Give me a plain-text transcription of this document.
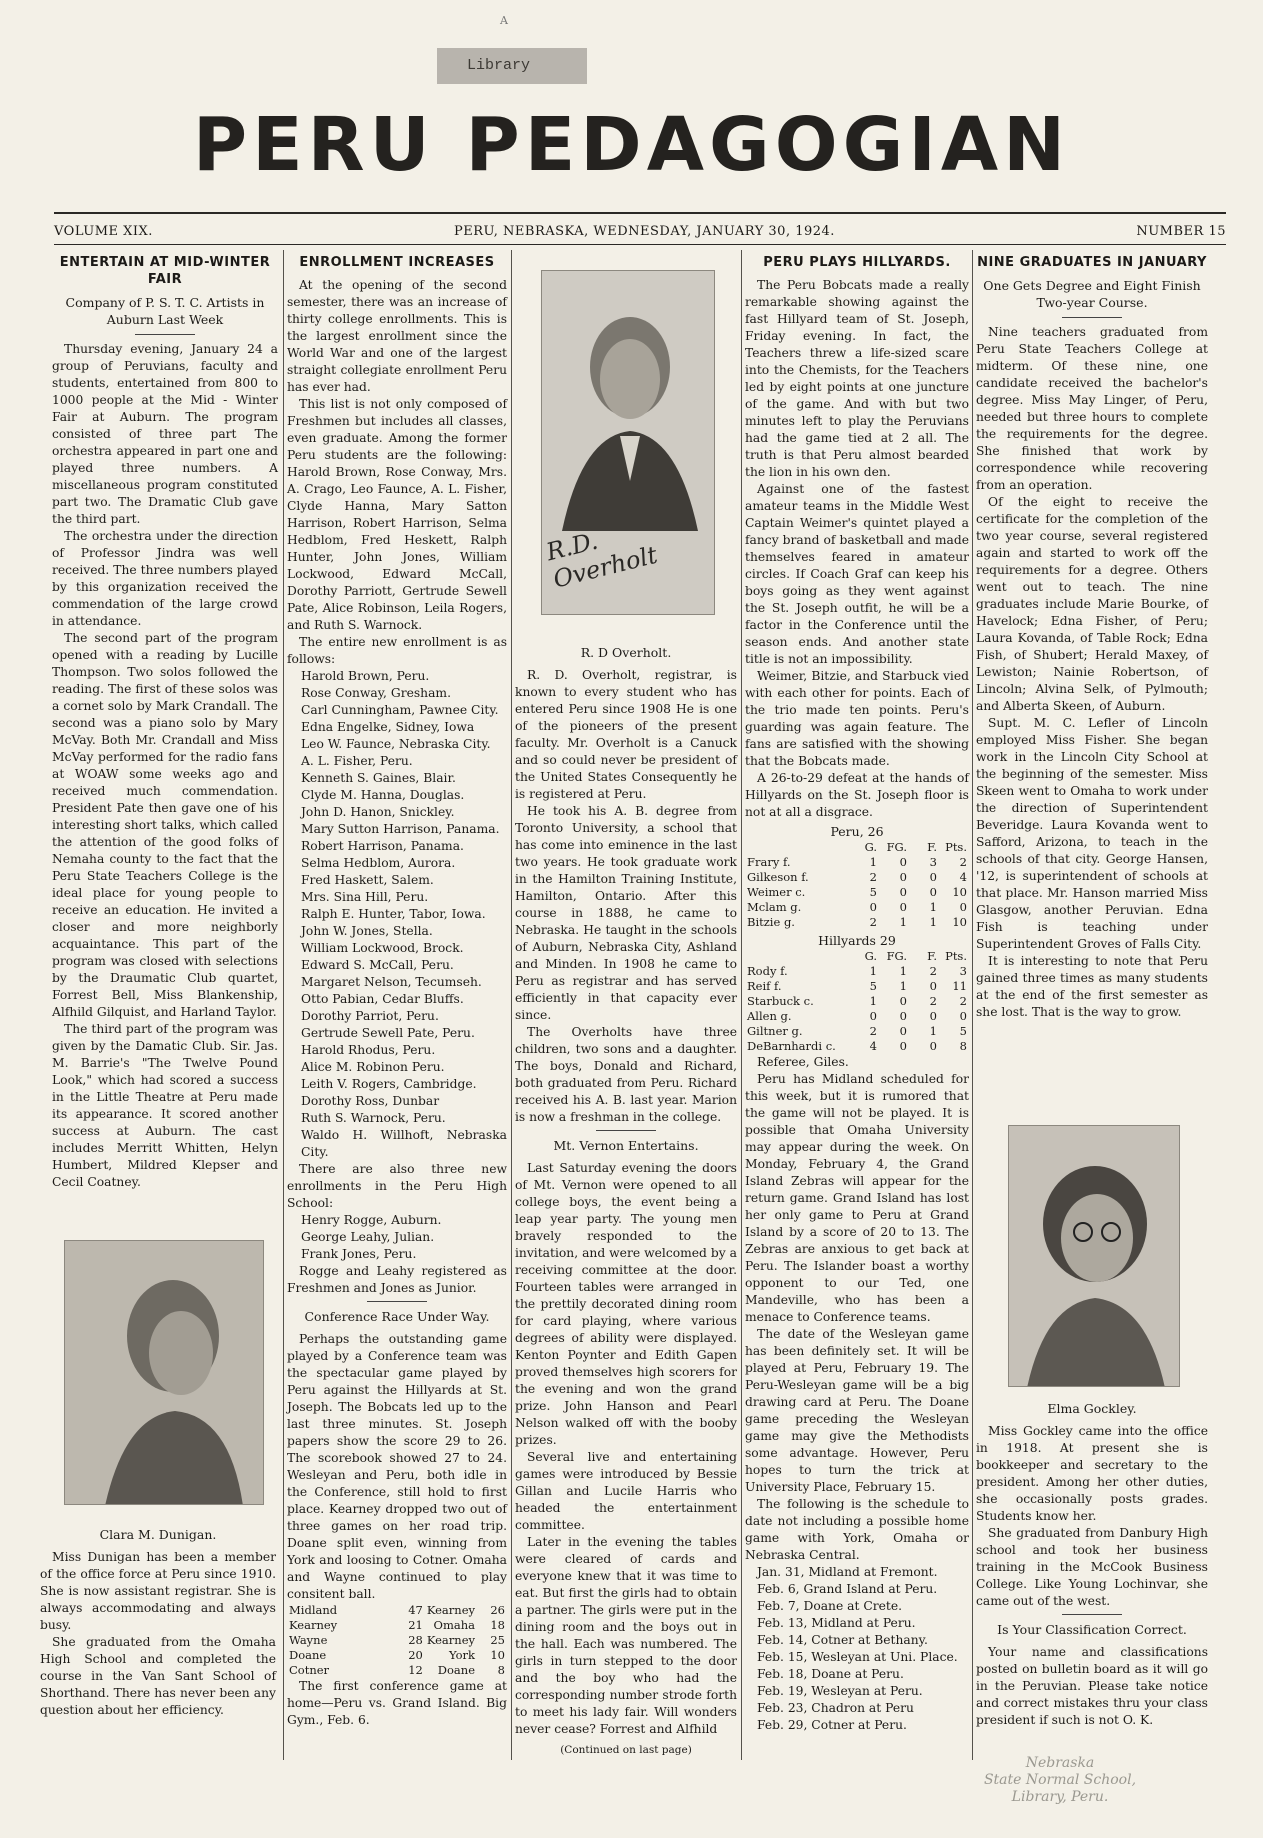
A
Library
PERU PEDAGOGIAN
VOLUME XIX.	PERU, NEBRASKA, WEDNESDAY, JANUARY 30, 1924.	NUMBER 15
ENTERTAIN AT MID-WINTER FAIR
Company of P. S. T. C. Artists in Auburn Last Week

Thursday evening, January 24 a group of Peruvians, faculty and students, entertained from 800 to 1000 people at the Mid - Winter Fair at Auburn. The program consisted of three part The orchestra appeared in part one and played three numbers. A miscellaneous program constituted part two. The Dramatic Club gave the third part.

The orchestra under the direction of Professor Jindra was well received. The three numbers played by this organization received the commendation of the large crowd in attendance.

The second part of the program opened with a reading by Lucille Thompson. Two solos followed the reading. The first of these solos was a cornet solo by Mark Crandall. The second was a piano solo by Mary McVay. Both Mr. Crandall and Miss McVay performed for the radio fans at WOAW some weeks ago and received much commendation. President Pate then gave one of his interesting short talks, which called the attention of the good folks of Nemaha county to the fact that the Peru State Teachers College is the ideal place for young people to receive an education. He invited a closer and more neighborly acquaintance. This part of the program was closed with selections by the Draumatic Club quartet, Forrest Bell, Miss Blankenship, Alfhild Gilquist, and Harland Taylor.

The third part of the program was given by the Damatic Club. Sir. Jas. M. Barrie's "The Twelve Pound Look," which had scored a success in the Little Theatre at Peru made its appearance. It scored another success at Auburn. The cast includes Merritt Whitten, Helyn Humbert, Mildred Klepser and Cecil Coatney.

Clara M. Dunigan.

Miss Dunigan has been a member of the office force at Peru since 1910. She is now assistant registrar. She is always accommodating and always busy.

She graduated from the Omaha High School and completed the course in the Van Sant School of Shorthand. There has never been any question about her efficiency.

ENROLLMENT INCREASES

At the opening of the second semester, there was an increase of thirty college enrollments. This is the largest enrollment since the World War and one of the largest straight collegiate enrollment Peru has ever had.

This list is not only composed of Freshmen but includes all classes, even graduate. Among the former Peru students are the following: Harold Brown, Rose Conway, Mrs. A. Crago, Leo Faunce, A. L. Fisher, Clyde Hanna, Mary Satton Harrison, Robert Harrison, Selma Hedblom, Fred Heskett, Ralph Hunter, John Jones, William Lockwood, Edward McCall, Dorothy Parriott, Gertrude Sewell Pate, Alice Robinson, Leila Rogers, and Ruth S. Warnock.

The entire new enrollment is as follows:

Harold Brown, Peru.
Rose Conway, Gresham.
Carl Cunningham, Pawnee City.
Edna Engelke, Sidney, Iowa
Leo W. Faunce, Nebraska City.
A. L. Fisher, Peru.
Kenneth S. Gaines, Blair.
Clyde M. Hanna, Douglas.
John D. Hanon, Snickley.
Mary Sutton Harrison, Panama.
Robert Harrison, Panama.
Selma Hedblom, Aurora.
Fred Haskett, Salem.
Mrs. Sina Hill, Peru.
Ralph E. Hunter, Tabor, Iowa.
John W. Jones, Stella.
William Lockwood, Brock.
Edward S. McCall, Peru.
Margaret Nelson, Tecumseh.
Otto Pabian, Cedar Bluffs.
Dorothy Parriot, Peru.
Gertrude Sewell Pate, Peru.
Harold Rhodus, Peru.
Alice M. Robinon Peru.
Leith V. Rogers, Cambridge.
Dorothy Ross, Dunbar
Ruth S. Warnock, Peru.
Waldo H. Willhoft, Nebraska City.

There are also three new enrollments in the Peru High School:

Henry Rogge, Auburn.
George Leahy, Julian.
Frank Jones, Peru.

Rogge and Leahy registered as Freshmen and Jones as Junior.

Conference Race Under Way.

Perhaps the outstanding game played by a Conference team was the spectacular game played by Peru against the Hillyards at St. Joseph. The Bobcats led up to the last three minutes. St. Joseph papers show the score 29 to 26. The scorebook showed 27 to 24. Wesleyan and Peru, both idle in the Conference, still hold to first place. Kearney dropped two out of three games on her road trip. Doane split even, winning from York and loosing to Cotner. Omaha and Wayne continued to play consitent ball.

Midland	47	Kearney	26
Kearney	21	Omaha	18
Wayne	28	Kearney	25
Doane	20	York	10
Cotner	12	Doane	8

The first conference game at home—Peru vs. Grand Island. Big Gym., Feb. 6.

R.D. Overholt
R. D Overholt.

R. D. Overholt, registrar, is known to every student who has entered Peru since 1908 He is one of the pioneers of the present faculty. Mr. Overholt is a Canuck and so could never be president of the United States Consequently he is registered at Peru.

He took his A. B. degree from Toronto University, a school that has come into eminence in the last two years. He took graduate work in the Hamilton Training Institute, Hamilton, Ontario. After this course in 1888, he came to Nebraska. He taught in the schools of Auburn, Nebraska City, Ashland and Minden. In 1908 he came to Peru as registrar and has served efficiently in that capacity ever since.

The Overholts have three children, two sons and a daughter. The boys, Donald and Richard, both graduated from Peru. Richard received his A. B. last year. Marion is now a freshman in the college.

Mt. Vernon Entertains.

Last Saturday evening the doors of Mt. Vernon were opened to all college boys, the event being a leap year party. The young men bravely responded to the invitation, and were welcomed by a receiving committee at the door. Fourteen tables were arranged in the prettily decorated dining room for card playing, where various degrees of ability were displayed. Kenton Poynter and Edith Gapen proved themselves high scorers for the evening and won the grand prize. John Hanson and Pearl Nelson walked off with the booby prizes.

Several live and entertaining games were introduced by Bessie Gillan and Lucile Harris who headed the entertainment committee.

Later in the evening the tables were cleared of cards and everyone knew that it was time to eat. But first the girls had to obtain a partner. The girls were put in the dining room and the boys out in the hall. Each was numbered. The girls in turn stepped to the door and the boy who had the corresponding number strode forth to meet his lady fair. Will wonders never cease? Forrest and Alfhild

(Continued on last page)
PERU PLAYS HILLYARDS.

The Peru Bobcats made a really remarkable showing against the fast Hillyard team of St. Joseph, Friday evening. In fact, the Teachers threw a life-sized scare into the Chemists, for the Teachers led by eight points at one juncture of the game. And with but two minutes left to play the Peruvians had the game tied at 2 all. The truth is that Peru almost bearded the lion in his own den.

Against one of the fastest amateur teams in the Middle West Captain Weimer's quintet played a fancy brand of basketball and made themselves feared in amateur circles. If Coach Graf can keep his boys going as they went against the St. Joseph outfit, he will be a factor in the Conference until the season ends. And another state title is not an impossibility.

Weimer, Bitzie, and Starbuck vied with each other for points. Each of the trio made ten points. Peru's guarding was again feature. The fans are satisfied with the showing that the Bobcats made.

A 26-to-29 defeat at the hands of Hillyards on the St. Joseph floor is not at all a disgrace.

Peru, 26
	G.	FG.	F.	Pts.
Frary f.	1	0	3	2
Gilkeson f.	2	0	0	4
Weimer c.	5	0	0	10
Mclam g.	0	0	1	0
Bitzie g.	2	1	1	10
Hillyards 29
	G.	FG.	F.	Pts.
Rody f.	1	1	2	3
Reif f.	5	1	0	11
Starbuck c.	1	0	2	2
Allen g.	0	0	0	0
Giltner g.	2	0	1	5
DeBarnhardi c.	4	0	0	8

Referee, Giles.

Peru has Midland scheduled for this week, but it is rumored that the game will not be played. It is possible that Omaha University may appear during the week. On Monday, February 4, the Grand Island Zebras will appear for the return game. Grand Island has lost her only game to Peru at Grand Island by a score of 20 to 13. The Zebras are anxious to get back at Peru. The Islander boast a worthy opponent to our Ted, one Mandeville, who has been a menace to Conference teams.

The date of the Wesleyan game has been definitely set. It will be played at Peru, February 19. The Peru-Wesleyan game will be a big drawing card at Peru. The Doane game preceding the Wesleyan game may give the Methodists some advantage. However, Peru hopes to turn the trick at University Place, February 15.

The following is the schedule to date not including a possible home game with York, Omaha or Nebraska Central.

Jan. 31, Midland at Fremont.
Feb. 6, Grand Island at Peru.
Feb. 7, Doane at Crete.
Feb. 13, Midland at Peru.
Feb. 14, Cotner at Bethany.
Feb. 15, Wesleyan at Uni. Place.
Feb. 18, Doane at Peru.
Feb. 19, Wesleyan at Peru.
Feb. 23, Chadron at Peru
Feb. 29, Cotner at Peru.
NINE GRADUATES IN JANUARY
One Gets Degree and Eight Finish Two-year Course.

Nine teachers graduated from Peru State Teachers College at midterm. Of these nine, one candidate received the bachelor's degree. Miss May Linger, of Peru, needed but three hours to complete the requirements for the degree. She finished that work by correspondence while recovering from an operation.

Of the eight to receive the certificate for the completion of the two year course, several registered again and started to work off the requirements for a degree. Others went out to teach. The nine graduates include Marie Bourke, of Havelock; Edna Fisher, of Peru; Laura Kovanda, of Table Rock; Edna Fish, of Shubert; Herald Maxey, of Lewiston; Nainie Robertson, of Lincoln; Alvina Selk, of Pylmouth; and Alberta Skeen, of Auburn.

Supt. M. C. Lefler of Lincoln employed Miss Fisher. She began work in the Lincoln City School at the beginning of the semester. Miss Skeen went to Omaha to work under the direction of Superintendent Beveridge. Laura Kovanda went to Safford, Arizona, to teach in the schools of that city. George Hansen, '12, is superintendent of schools at that place. Mr. Hanson married Miss Glasgow, another Peruvian. Edna Fish is teaching under Superintendent Groves of Falls City.

It is interesting to note that Peru gained three times as many students at the end of the first semester as she lost. That is the way to grow.

Elma Gockley.

Miss Gockley came into the office in 1918. At present she is bookkeeper and secretary to the president. Among her other duties, she occasionally posts grades. Students know her.

She graduated from Danbury High school and took her business training in the McCook Business College. Like Young Lochinvar, she came out of the west.

Is Your Classification Correct.

Your name and classifications posted on bulletin board as it will go in the Peruvian. Please take notice and correct mistakes thru your class president if such is not O. K.

Nebraska
State Normal School,
Library, Peru.
